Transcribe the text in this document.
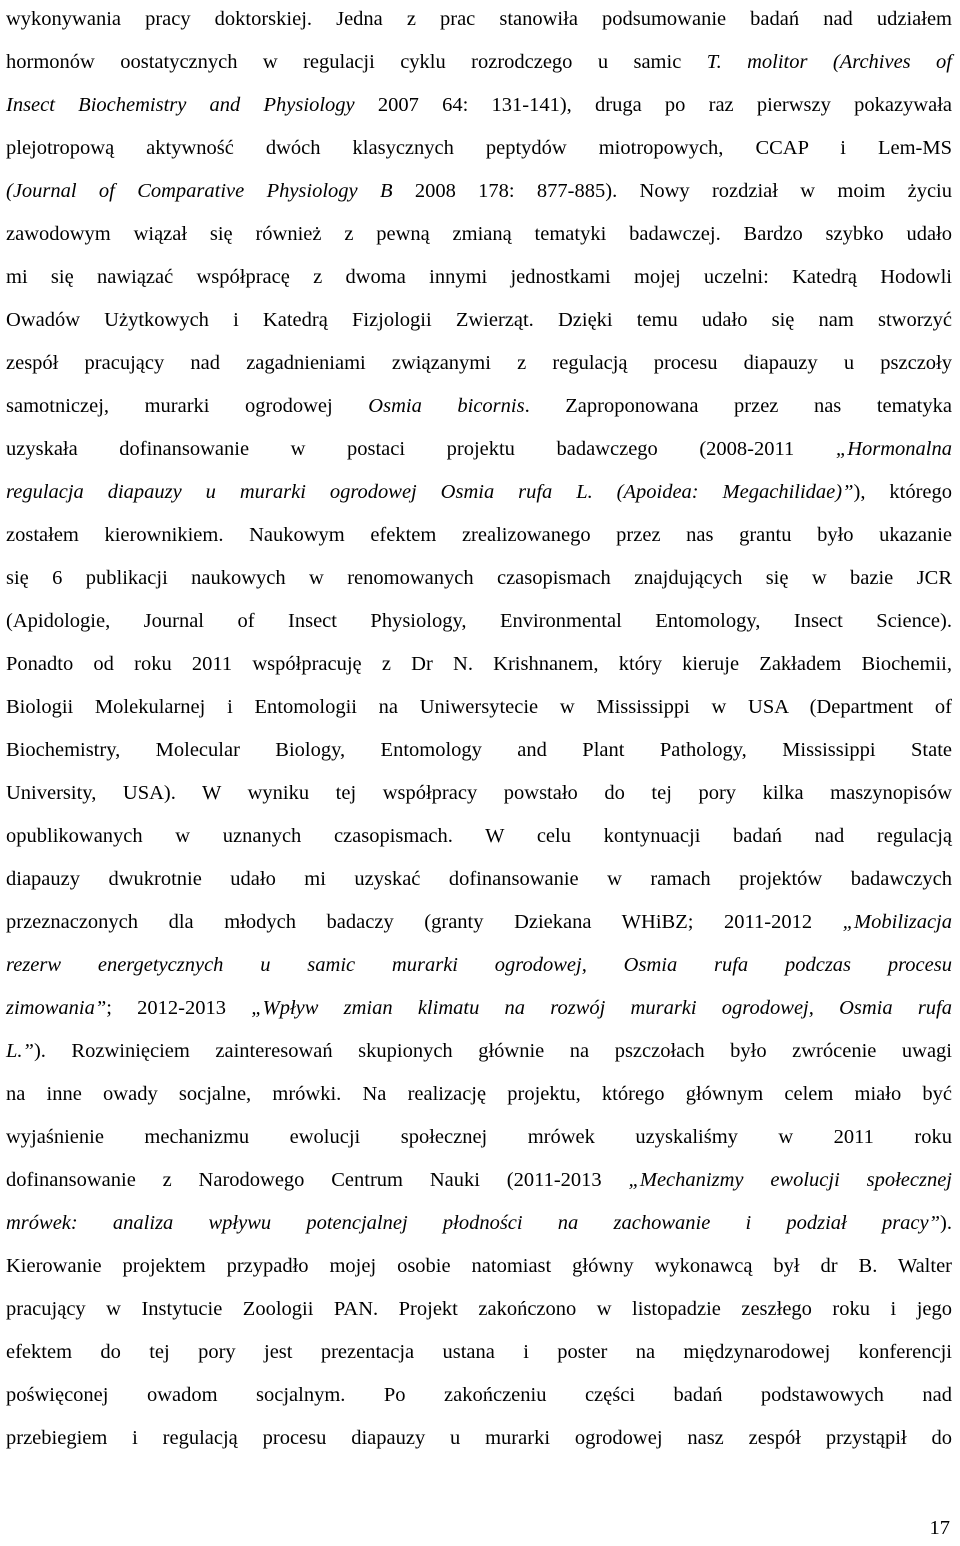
wykonywania pracy doktorskiej. Jedna z prac stanowiła podsumowanie badań nad udziałem
hormonów oostatycznych w regulacji cyklu rozrodczego u samic T. molitor (Archives of
Insect Biochemistry and Physiology 2007 64: 131-141), druga po raz pierwszy pokazywała
plejotropową aktywność dwóch klasycznych peptydów miotropowych, CCAP i Lem-MS
(Journal of Comparative Physiology B 2008 178: 877-885). Nowy rozdział w moim życiu
zawodowym wiązał się również z pewną zmianą tematyki badawczej. Bardzo szybko udało
mi się nawiązać współpracę z dwoma innymi jednostkami mojej uczelni: Katedrą Hodowli
Owadów Użytkowych i Katedrą Fizjologii Zwierząt. Dzięki temu udało się nam stworzyć
zespół pracujący nad zagadnieniami związanymi z regulacją procesu diapauzy u pszczoły
samotniczej, murarki ogrodowej Osmia bicornis. Zaproponowana przez nas tematyka
uzyskała dofinansowanie w postaci projektu badawczego (2008-2011 „Hormonalna
regulacja diapauzy u murarki ogrodowej Osmia rufa L. (Apoidea: Megachilidae)”), którego
zostałem kierownikiem. Naukowym efektem zrealizowanego przez nas grantu było ukazanie
się 6 publikacji naukowych w renomowanych czasopismach znajdujących się w bazie JCR
(Apidologie, Journal of Insect Physiology, Environmental Entomology, Insect Science).
Ponadto od roku 2011 współpracuję z Dr N. Krishnanem, który kieruje Zakładem Biochemii,
Biologii Molekularnej i Entomologii na Uniwersytecie w Mississippi w USA (Department of
Biochemistry, Molecular Biology, Entomology and Plant Pathology, Mississippi State
University, USA). W wyniku tej współpracy powstało do tej pory kilka maszynopisów
opublikowanych w uznanych czasopismach. W celu kontynuacji badań nad regulacją
diapauzy dwukrotnie udało mi uzyskać dofinansowanie w ramach projektów badawczych
przeznaczonych dla młodych badaczy (granty Dziekana WHiBZ; 2011-2012 „Mobilizacja
rezerw energetycznych u samic murarki ogrodowej, Osmia rufa podczas procesu
zimowania”; 2012-2013 „Wpływ zmian klimatu na rozwój murarki ogrodowej, Osmia rufa
L.”). Rozwinięciem zainteresowań skupionych głównie na pszczołach było zwrócenie uwagi
na inne owady socjalne, mrówki. Na realizację projektu, którego głównym celem miało być
wyjaśnienie mechanizmu ewolucji społecznej mrówek uzyskaliśmy w 2011 roku
dofinansowanie z Narodowego Centrum Nauki (2011-2013 „Mechanizmy ewolucji społecznej
mrówek: analiza wpływu potencjalnej płodności na zachowanie i podział pracy”).
Kierowanie projektem przypadło mojej osobie natomiast główny wykonawcą był dr B. Walter
pracujący w Instytucie Zoologii PAN. Projekt zakończono w listopadzie zeszłego roku i jego
efektem do tej pory jest prezentacja ustana i poster na międzynarodowej konferencji
poświęconej owadom socjalnym. Po zakończeniu części badań podstawowych nad
przebiegiem i regulacją procesu diapauzy u murarki ogrodowej nasz zespół przystąpił do
17
